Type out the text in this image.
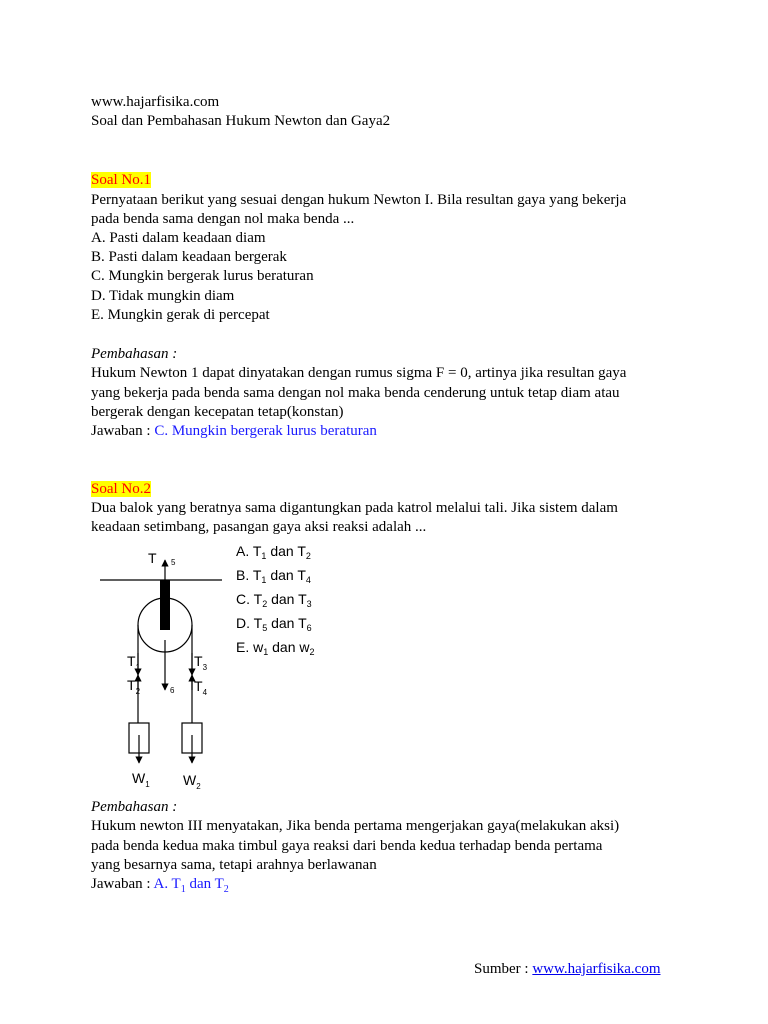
www.hajarfisika.com
Soal dan Pembahasan Hukum Newton dan Gaya2
Soal No.1
Pernyataan berikut yang sesuai dengan hukum Newton I. Bila resultan gaya yang bekerja
pada benda sama dengan nol maka benda ...
A. Pasti dalam keadaan diam
B. Pasti dalam keadaan bergerak
C. Mungkin bergerak lurus beraturan
D. Tidak mungkin diam
E. Mungkin gerak di percepat
Pembahasan :
Hukum Newton 1 dapat dinyatakan dengan rumus sigma F = 0, artinya jika resultan gaya
yang bekerja pada benda sama dengan nol maka benda cenderung untuk tetap diam atau
bergerak dengan kecepatan tetap(konstan)
Jawaban : C. Mungkin bergerak lurus beraturan
Soal No.2
Dua balok yang beratnya sama digantungkan pada katrol melalui tali. Jika sistem dalam
keadaan setimbang, pasangan gaya aksi reaksi adalah ...
T 5
$T_1$
$T_2$
$T_3$
$T_4$
6
$W_1$ $W_2$
A. $T_1$ dan $T_2$
B. $T_1$ dan $T_4$
C. $T_2$ dan $T_3$
D. $T_5$ dan $T_6$
E. $w_1$ dan $w_2$
Pembahasan :
Hukum newton III menyatakan, Jika benda pertama mengerjakan gaya(melakukan aksi)
pada benda kedua maka timbul gaya reaksi dari benda kedua terhadap benda pertama
yang besarnya sama, tetapi arahnya berlawanan
Jawaban : A. $T_1$ dan $T_2$
Sumber : www.hajarfisika.com
